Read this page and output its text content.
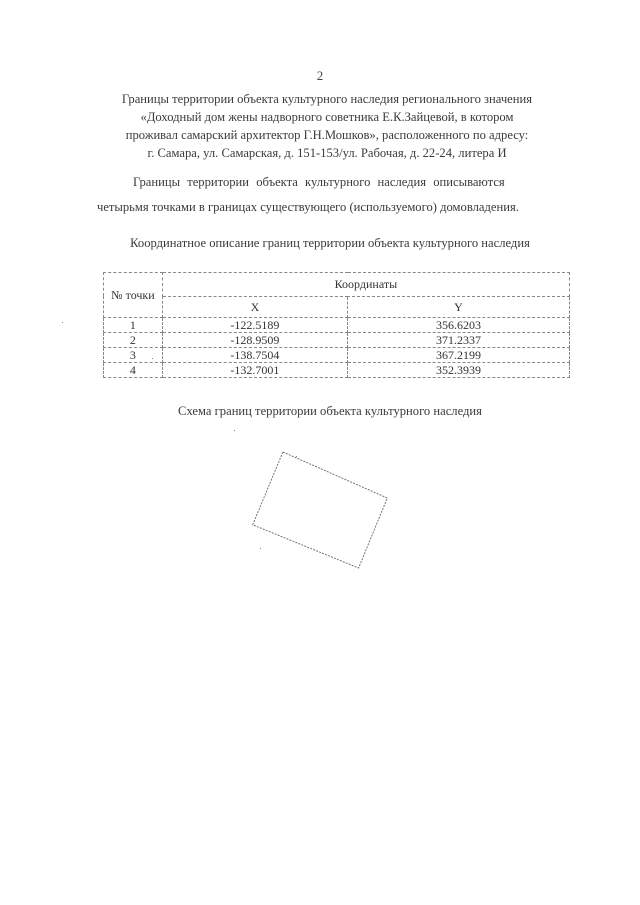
2
Границы территории объекта культурного наследия регионального значения
«Доходный дом жены надворного советника Е.К.Зайцевой, в котором
проживал самарский архитектор Г.Н.Мошков», расположенного по адресу:
г. Самара, ул. Самарская, д. 151-153/ул. Рабочая, д. 22-24, литера И
Границы территории объекта культурного наследия описываются
четырьмя точками в границах существующего (используемого) домовладения.
Координатное описание границ территории объекта культурного наследия
№ точки	Координаты	
	X	Y
1	-122.5189	356.6203
2	-128.9509	371.2337
3	-138.7504	367.2199
4	-132.7001	352.3939
Схема границ территории объекта культурного наследия
